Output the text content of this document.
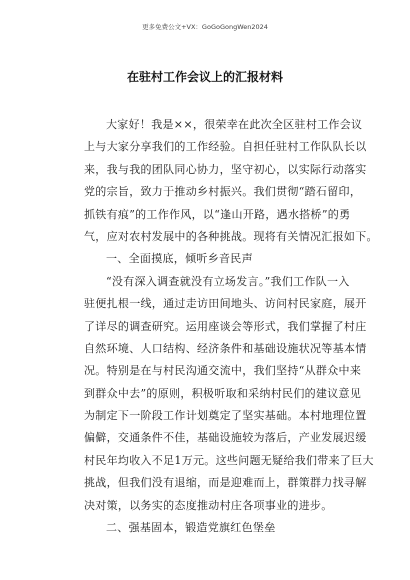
更多免费公文+VX：GoGoGongWen2024
在驻村工作会议上的汇报材料
大家好！我是××，很荣幸在此次全区驻村工作会议
上与大家分享我们的工作经验。自担任驻村工作队队长以
来，我与我的团队同心协力，坚守初心，以实际行动落实
党的宗旨，致力于推动乡村振兴。我们贯彻“踏石留印，
抓铁有痕”的工作作风，以“逢山开路，遇水搭桥”的勇
气，应对农村发展中的各种挑战。现将有关情况汇报如下。
一、全面摸底，倾听乡音民声
“没有深入调查就没有立场发言。”我们工作队一入
驻便扎根一线，通过走访田间地头、访问村民家庭，展开
了详尽的调查研究。运用座谈会等形式，我们掌握了村庄
自然环境、人口结构、经济条件和基础设施状况等基本情
况。特别是在与村民沟通交流中，我们坚持“从群众中来
到群众中去”的原则，积极听取和采纳村民们的建议意见
为制定下一阶段工作计划奠定了坚实基础。本村地理位置
偏僻，交通条件不佳，基础设施较为落后，产业发展迟缓
村民年均收入不足1万元。这些问题无疑给我们带来了巨大
挑战，但我们没有退缩，而是迎难而上，群策群力找寻解
决对策，以务实的态度推动村庄各项事业的进步。
二、强基固本，锻造党旗红色堡垒
